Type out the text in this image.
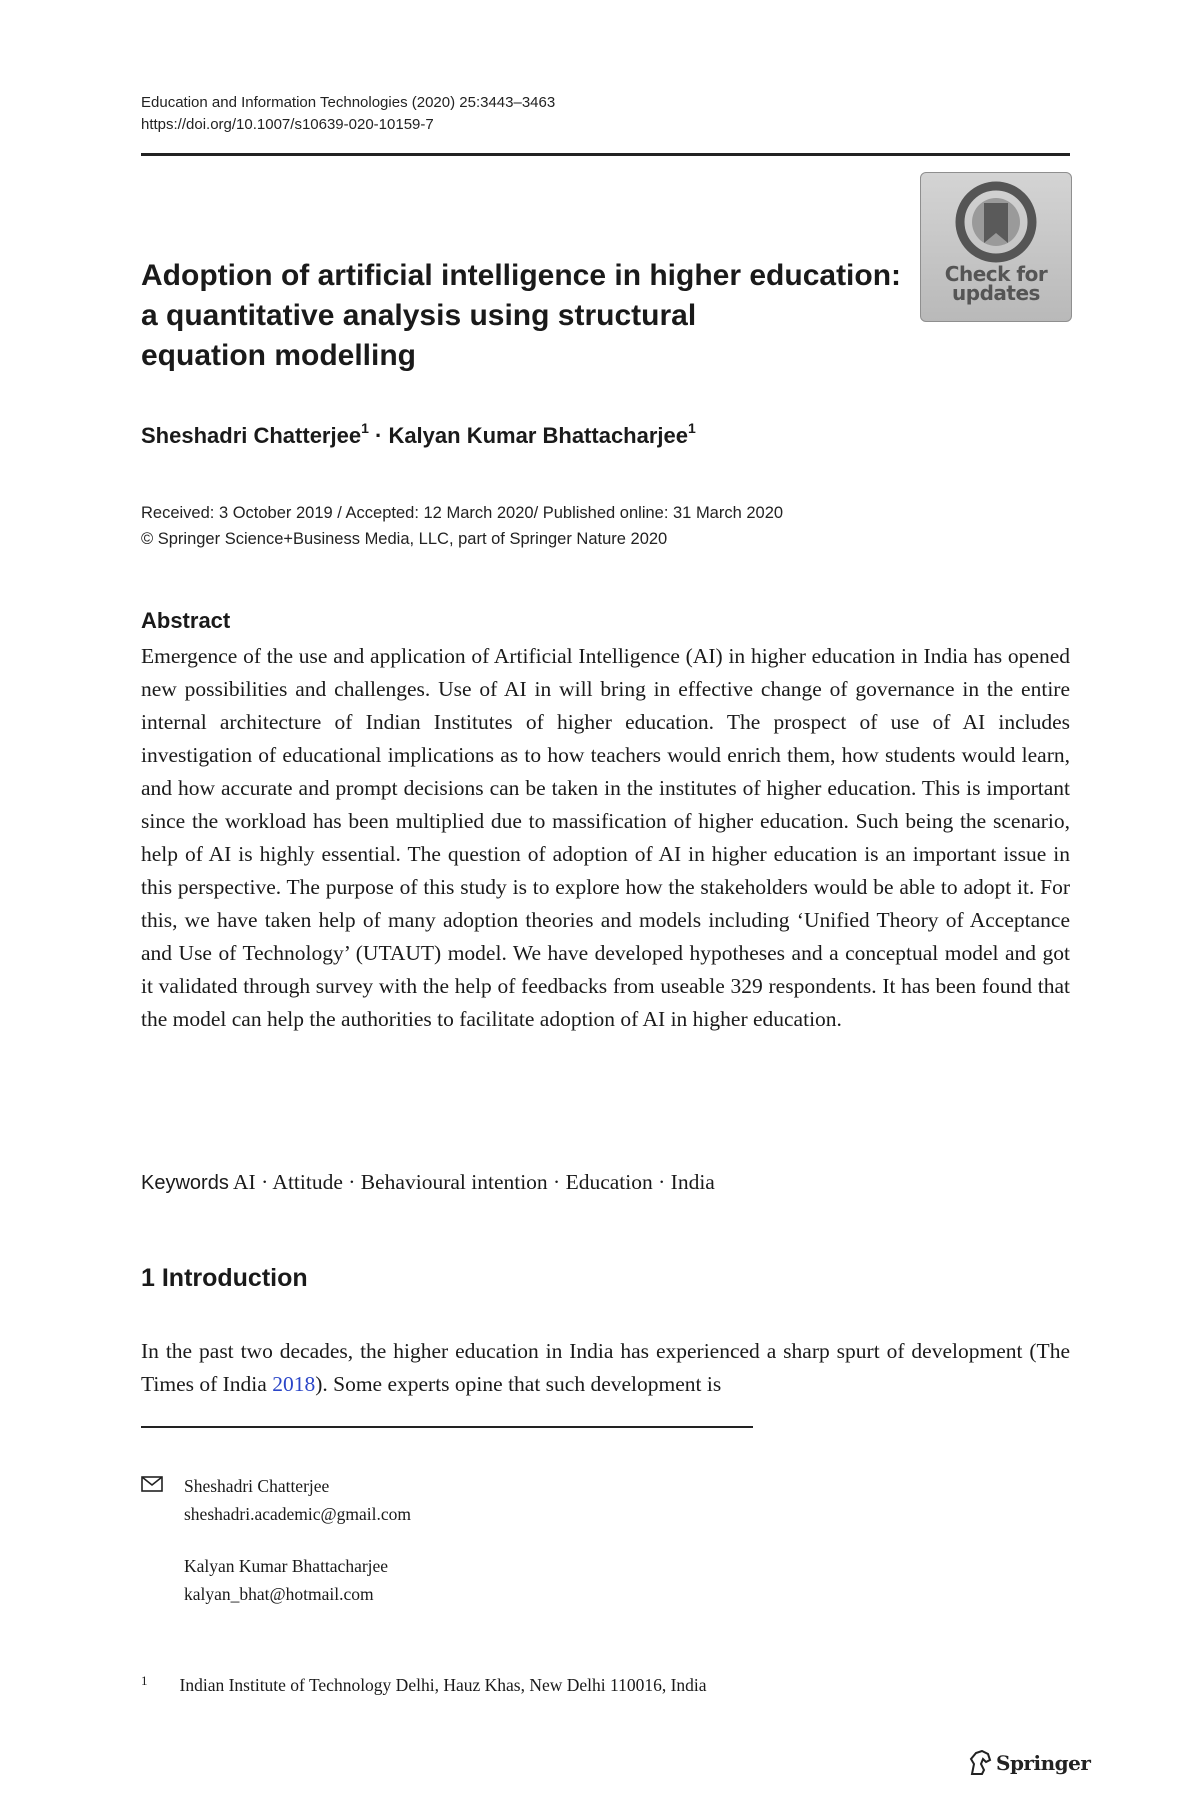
Education and Information Technologies (2020) 25:3443–3463
https://doi.org/10.1007/s10639-020-10159-7
Check for
updates
Adoption of artificial intelligence in higher education:
a quantitative analysis using structural
equation modelling
Sheshadri Chatterjee$^1$ · Kalyan Kumar Bhattacharjee$^1$
Received: 3 October 2019 / Accepted: 12 March 2020/ Published online: 31 March 2020
© Springer Science+Business Media, LLC, part of Springer Nature 2020
Abstract

Emergence of the use and application of Artificial Intelligence (AI) in higher education in India has opened new possibilities and challenges. Use of AI in will bring in effective change of governance in the entire internal architecture of Indian Institutes of higher education. The prospect of use of AI includes investigation of educational implications as to how teachers would enrich them, how students would learn, and how accurate and prompt decisions can be taken in the institutes of higher education. This is important since the workload has been multiplied due to massification of higher education. Such being the scenario, help of AI is highly essential. The question of adoption of AI in higher education is an important issue in this perspective. The purpose of this study is to explore how the stakeholders would be able to adopt it. For this, we have taken help of many adoption theories and models including ‘Unified Theory of Acceptance and Use of Technology’ (UTAUT) model. We have developed hypotheses and a conceptual model and got it validated through survey with the help of feedbacks from useable 329 respondents. It has been found that the model can help the authorities to facilitate adoption of AI in higher education.

Keywords AI · Attitude · Behavioural intention · Education · India
1 Introduction

In the past two decades, the higher education in India has experienced a sharp spurt of development (The Times of India 2018). Some experts opine that such development is

Sheshadri Chatterjee
sheshadri.academic@gmail.com
Kalyan Kumar Bhattacharjee
kalyan_bhat@hotmail.com
$^1$ Indian Institute of Technology Delhi, Hauz Khas, New Delhi 110016, India
Springer
